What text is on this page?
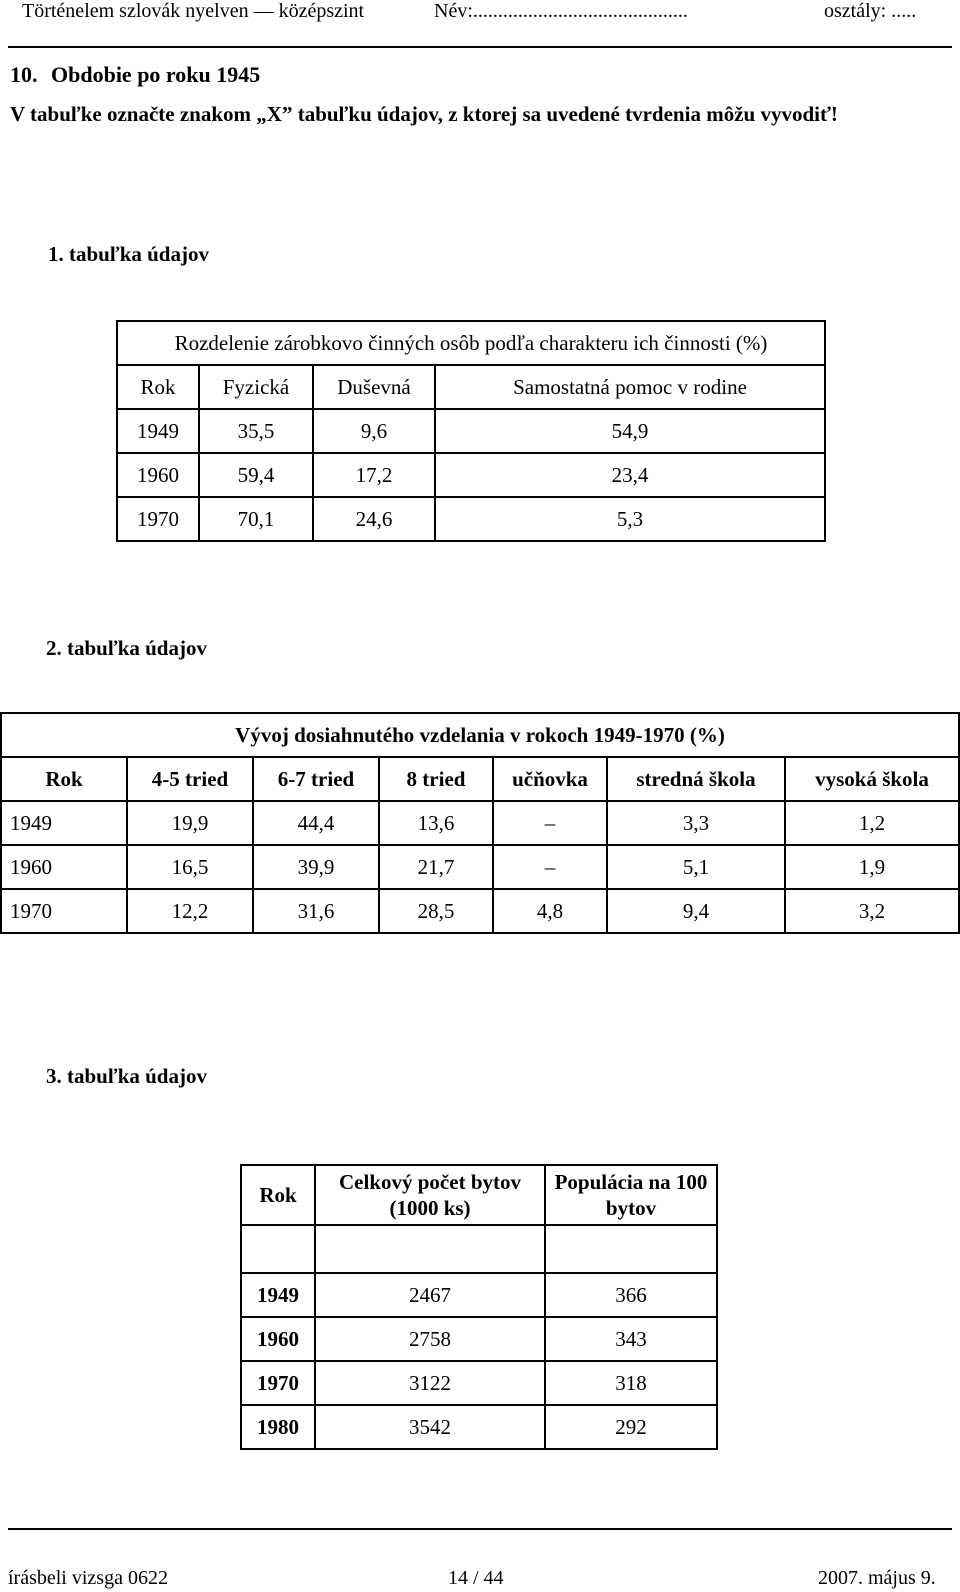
Történelem szlovák nyelven — középszint	Név:...........................................	osztály: .....
10. Obdobie po roku 1945
V tabuľke označte znakom „X” tabuľku údajov, z ktorej sa uvedené tvrdenia môžu vyvodiť!
1. tabuľka údajov
Rozdelenie zárobkovo činných osôb podľa charakteru ich činnosti (%)			
Rok	Fyzická	Duševná	Samostatná pomoc v rodine
1949	35,5	9,6	54,9
1960	59,4	17,2	23,4
1970	70,1	24,6	5,3
2. tabuľka údajov
Vývoj dosiahnutého vzdelania v rokoch 1949-1970 (%)						
Rok	4-5 tried	6-7 tried	8 tried	učňovka	stredná škola	vysoká škola
1949	19,9	44,4	13,6	–	3,3	1,2
1960	16,5	39,9	21,7	–	5,1	1,9
1970	12,2	31,6	28,5	4,8	9,4	3,2
3. tabuľka údajov
Rok	Celkový počet bytov (1000 ks)	Populácia na 100 bytov

1949	2467	366
1960	2758	343
1970	3122	318
1980	3542	292
írásbeli vizsga 0622	14 / 44	2007. május 9.
